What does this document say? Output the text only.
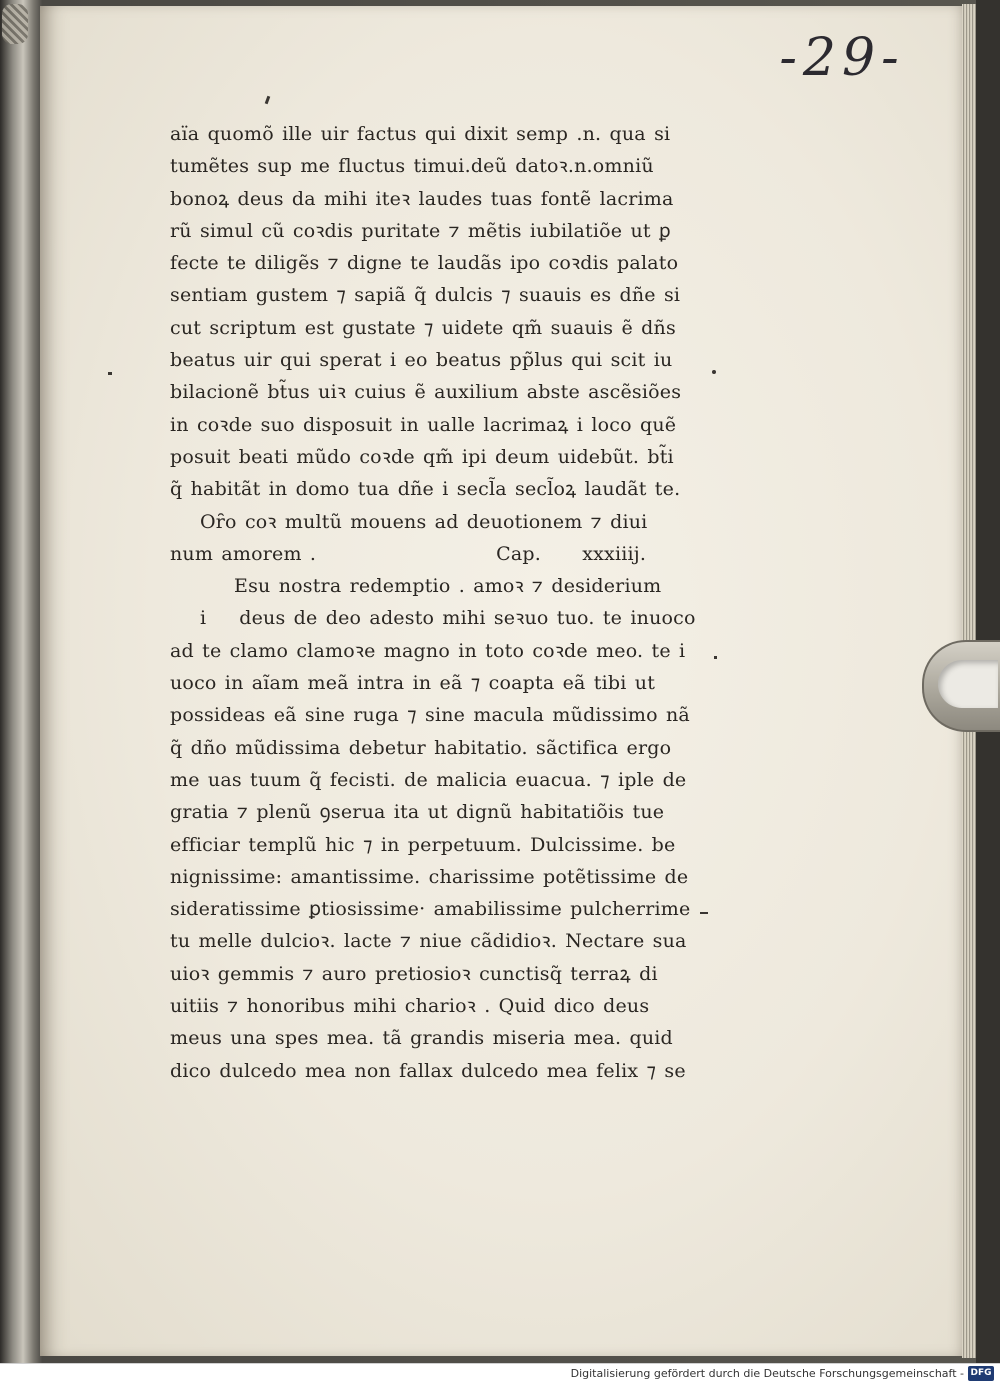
-29-
aïa quomõ ille uir factus qui dixit semp .n. qua si
tumẽtes sup me fluctus timui.deũ datoꝛ.n.omniũ
bonoꝝ deus da mihi iteꝛ laudes tuas fontẽ lacrima
rũ simul cũ coꝛdis puritate ⁊ mẽtis iubilatiõe ut ꝑ
fecte te diligẽs ⁊ digne te laudãs ipo coꝛdis palato
sentiam gustem ⁊ sapiã q̃ dulcis ⁊ suauis es dñe si
cut scriptum est gustate ⁊ uidete qm̃ suauis ẽ dñs
beatus uir qui sperat i eo beatus pp̃lus qui scit iu
bilacionẽ bt̃us uiꝛ cuius ẽ auxilium abste ascẽsiões
in coꝛde suo disposuit in ualle lacrimaꝝ i loco quẽ
posuit beati mũdo coꝛde qm̃ ipi deum uidebũt. bt̃i
q̃ habitãt in domo tua dñe i secl̃a secl̃oꝝ laudãt te.
Oȓo coꝛ multũ mouens ad deuotionem ⁊ diui
num amorem .	Cap. xxxiiij.
Esu nostra redemptio . amoꝛ ⁊ desiderium
i deus de deo adesto mihi seꝛuo tuo. te inuoco
ad te clamo clamoꝛe magno in toto coꝛde meo. te i
uoco in aĩam meã intra in eã ⁊ coapta eã tibi ut
possideas eã sine ruga ⁊ sine macula mũdissimo nã
q̃ dño mũdissima debetur habitatio. sãctifica ergo
me uas tuum q̃ fecisti. de malicia euacua. ⁊ iple de
gratia ⁊ plenũ ꝯserua ita ut dignũ habitatiõis tue
efficiar templũ hic ⁊ in perpetuum. Dulcissime. be
nignissime: amantissime. charissime potẽtissime de
sideratissime ꝑtiosissime· amabilissime pulcherrime
tu melle dulcioꝛ. lacte ⁊ niue cãdidioꝛ. Nectare sua
uioꝛ gemmis ⁊ auro pretiosioꝛ cunctisq̃ terraꝝ di
uitiis ⁊ honoribus mihi charioꝛ . Quid dico deus
meus una spes mea. tã grandis miseria mea. quid
dico dulcedo mea non fallax dulcedo mea felix ⁊ se
Digitalisierung gefördert durch die Deutsche Forschungsgemeinschaft - DFG
